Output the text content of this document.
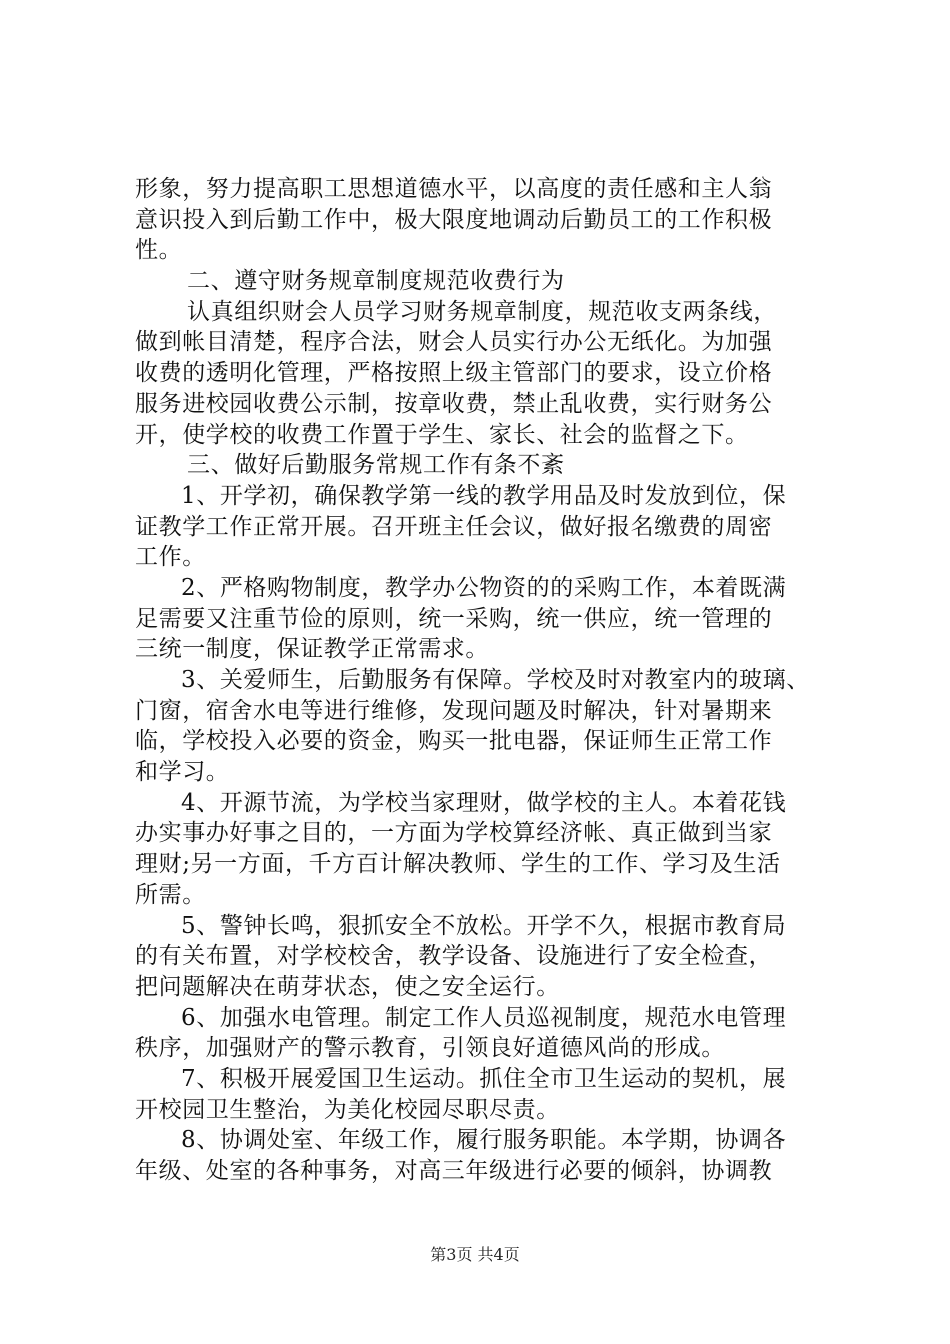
形象，努力提高职工思想道德水平，以高度的责任感和主人翁
意识投入到后勤工作中，极大限度地调动后勤员工的工作积极
性。
二、遵守财务规章制度规范收费行为
认真组织财会人员学习财务规章制度，规范收支两条线，
做到帐目清楚，程序合法，财会人员实行办公无纸化。为加强
收费的透明化管理，严格按照上级主管部门的要求，设立价格
服务进校园收费公示制，按章收费，禁止乱收费，实行财务公
开，使学校的收费工作置于学生、家长、社会的监督之下。
三、做好后勤服务常规工作有条不紊
1、开学初，确保教学第一线的教学用品及时发放到位，保
证教学工作正常开展。召开班主任会议，做好报名缴费的周密
工作。
2、严格购物制度，教学办公物资的的采购工作，本着既满
足需要又注重节俭的原则，统一采购，统一供应，统一管理的
三统一制度，保证教学正常需求。
3、关爱师生，后勤服务有保障。学校及时对教室内的玻璃、
门窗，宿舍水电等进行维修，发现问题及时解决，针对暑期来
临，学校投入必要的资金，购买一批电器，保证师生正常工作
和学习。
4、开源节流，为学校当家理财，做学校的主人。本着花钱
办实事办好事之目的，一方面为学校算经济帐、真正做到当家
理财;另一方面，千方百计解决教师、学生的工作、学习及生活
所需。
5、警钟长鸣，狠抓安全不放松。开学不久，根据市教育局
的有关布置，对学校校舍，教学设备、设施进行了安全检查，
把问题解决在萌芽状态，使之安全运行。
6、加强水电管理。制定工作人员巡视制度，规范水电管理
秩序，加强财产的警示教育，引领良好道德风尚的形成。
7、积极开展爱国卫生运动。抓住全市卫生运动的契机，展
开校园卫生整治，为美化校园尽职尽责。
8、协调处室、年级工作，履行服务职能。本学期，协调各
年级、处室的各种事务，对高三年级进行必要的倾斜，协调教
第3页 共4页
